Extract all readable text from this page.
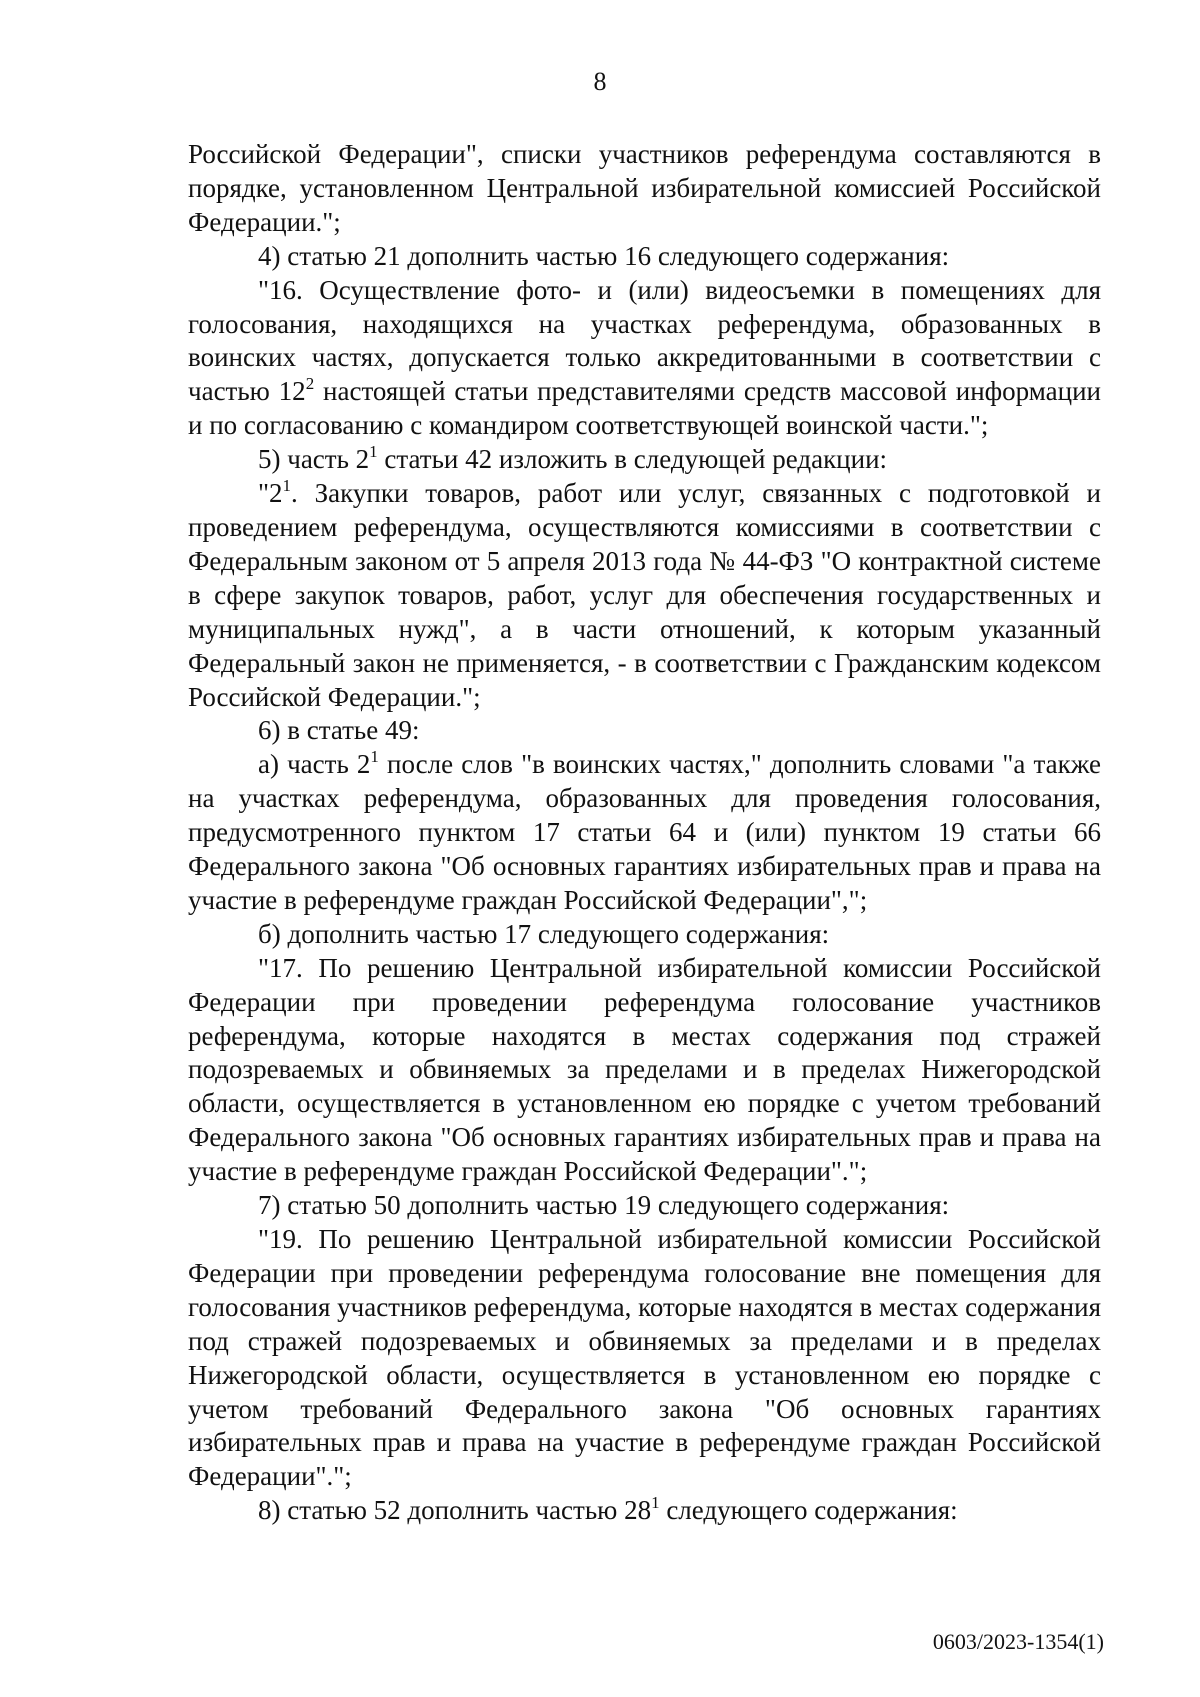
8

Российской Федерации", списки участников референдума составляются в порядке, установленном Центральной избирательной комиссией Российской Федерации.";

4) статью 21 дополнить частью 16 следующего содержания:

"16. Осуществление фото- и (или) видеосъемки в помещениях для голосования, находящихся на участках референдума, образованных в воинских частях, допускается только аккредитованными в соответствии с частью $12^2$ настоящей статьи представителями средств массовой информации и по согласованию с командиром соответствующей воинской части.";

5) часть $2^1$ статьи 42 изложить в следующей редакции:

"$2^1$. Закупки товаров, работ или услуг, связанных с подготовкой и проведением референдума, осуществляются комиссиями в соответствии с Федеральным законом от 5 апреля 2013 года № 44-ФЗ "О контрактной системе в сфере закупок товаров, работ, услуг для обеспечения государственных и муниципальных нужд", а в части отношений, к которым указанный Федеральный закон не применяется, - в соответствии с Гражданским кодексом Российской Федерации.";

6) в статье 49:

а) часть $2^1$ после слов "в воинских частях," дополнить словами "а также на участках референдума, образованных для проведения голосования, предусмотренного пунктом 17 статьи 64 и (или) пунктом 19 статьи 66 Федерального закона "Об основных гарантиях избирательных прав и права на участие в референдуме граждан Российской Федерации",";

б) дополнить частью 17 следующего содержания:

"17. По решению Центральной избирательной комиссии Российской Федерации при проведении референдума голосование участников референдума, которые находятся в местах содержания под стражей подозреваемых и обвиняемых за пределами и в пределах Нижегородской области, осуществляется в установленном ею порядке с учетом требований Федерального закона "Об основных гарантиях избирательных прав и права на участие в референдуме граждан Российской Федерации".";

7) статью 50 дополнить частью 19 следующего содержания:

"19. По решению Центральной избирательной комиссии Российской Федерации при проведении референдума голосование вне помещения для голосования участников референдума, которые находятся в местах содержания под стражей подозреваемых и обвиняемых за пределами и в пределах Нижегородской области, осуществляется в установленном ею порядке с учетом требований Федерального закона "Об основных гарантиях избирательных прав и права на участие в референдуме граждан Российской Федерации".";

8) статью 52 дополнить частью $28^1$ следующего содержания:

0603/2023-1354(1)
